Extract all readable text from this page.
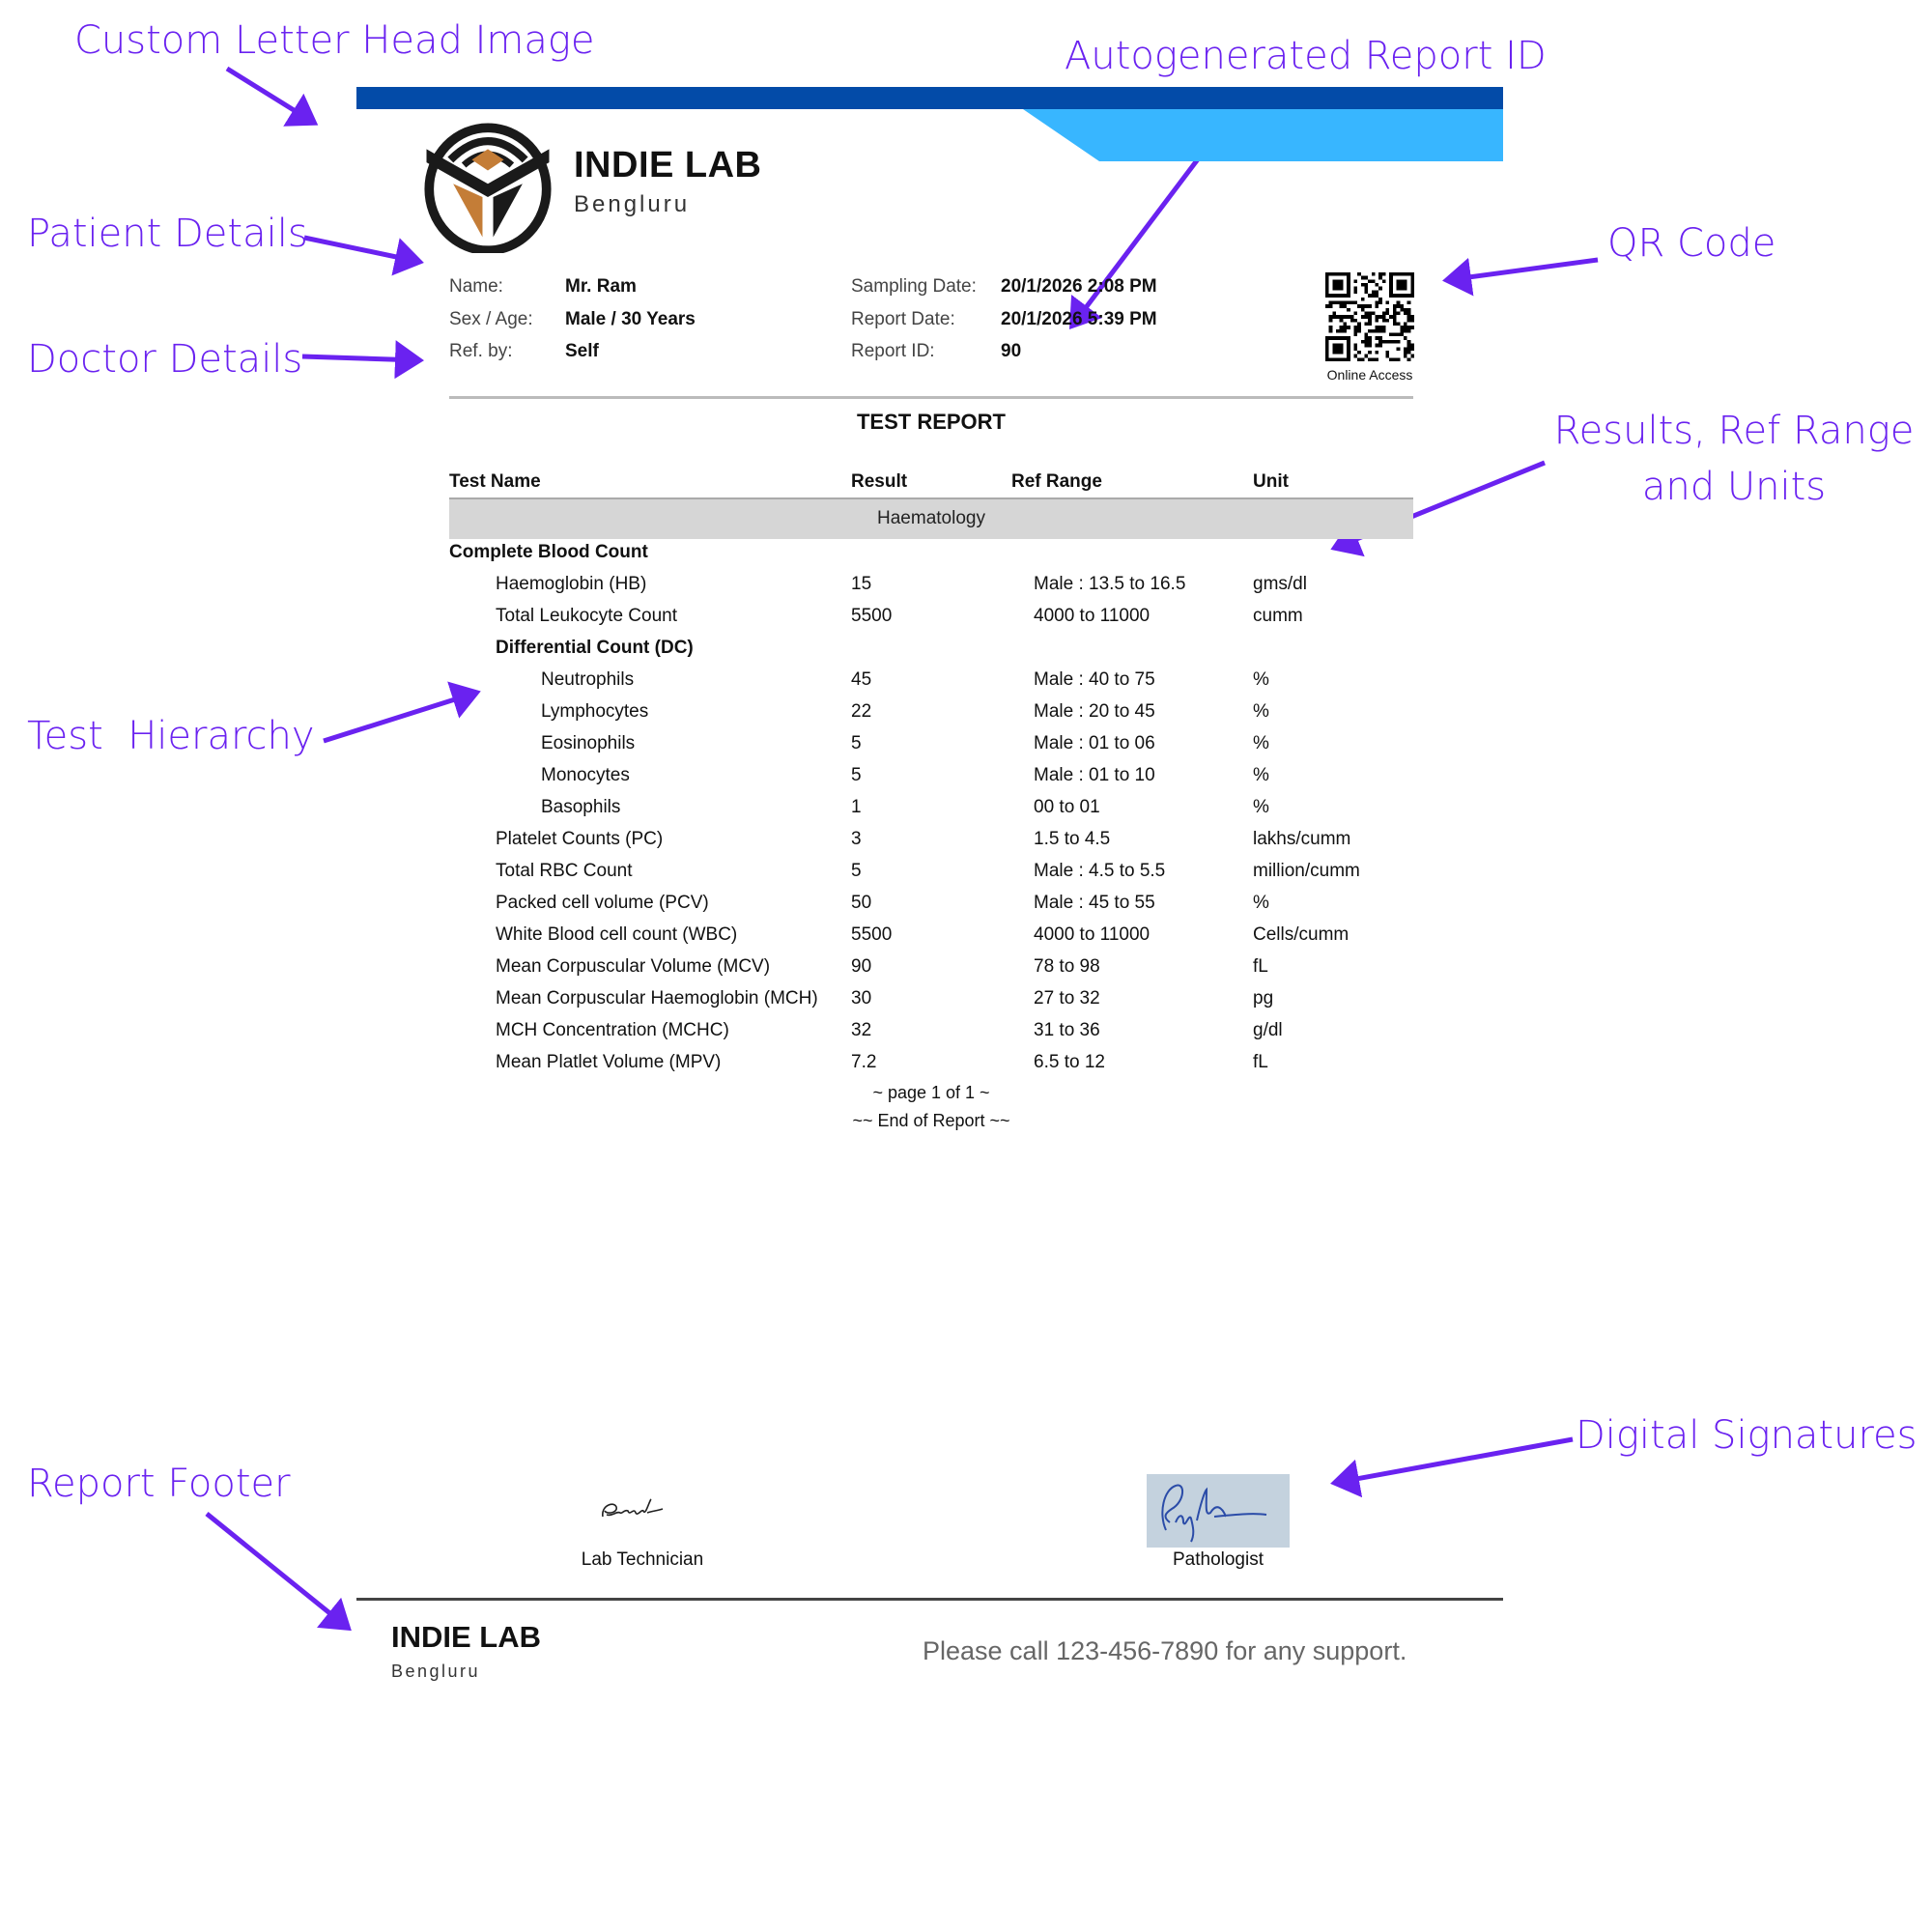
Custom Letter Head Image	Autogenerated Report ID
Patient Details	QR Code
Doctor Details
Results, Ref Range
and Units
Test  Hierarchy
Digital Signatures
Report Footer
INDIE LAB
Bengluru
Name:	Mr. Ram
Sex / Age: Male / 30 Years
Ref. by:	Self
Sampling Date: 20/1/2026 2:08 PM
Report Date: 20/1/2026 5:39 PM
Report ID:	90
Online Access
TEST REPORT
Test Name	Result	Ref Range	Unit
Haematology
Complete Blood Count
Haemoglobin (HB)	15	Male : 13.5 to 16.5	gms/dl
Total Leukocyte Count	5500	4000 to 11000	cumm
Differential Count (DC)
Neutrophils	45	Male : 40 to 75	%
Lymphocytes	22	Male : 20 to 45	%
Eosinophils	5	Male : 01 to 06	%
Monocytes	5	Male : 01 to 10	%
Basophils	1	00 to 01	%
Platelet Counts (PC)	3	1.5 to 4.5	lakhs/cumm
Total RBC Count	5	Male : 4.5 to 5.5	million/cumm
Packed cell volume (PCV)	50	Male : 45 to 55	%
White Blood cell count (WBC)	5500	4000 to 11000	Cells/cumm
Mean Corpuscular Volume (MCV)	90	78 to 98	fL
Mean Corpuscular Haemoglobin (MCH) 30	27 to 32	pg
MCH Concentration (MCHC)	32	31 to 36	g/dl
Mean Platlet Volume (MPV)	7.2	6.5 to 12	fL
~ page 1 of 1 ~
~~ End of Report ~~
Lab Technician	Pathologist
INDIE LAB
Bengluru
Please call 123-456-7890 for any support.
